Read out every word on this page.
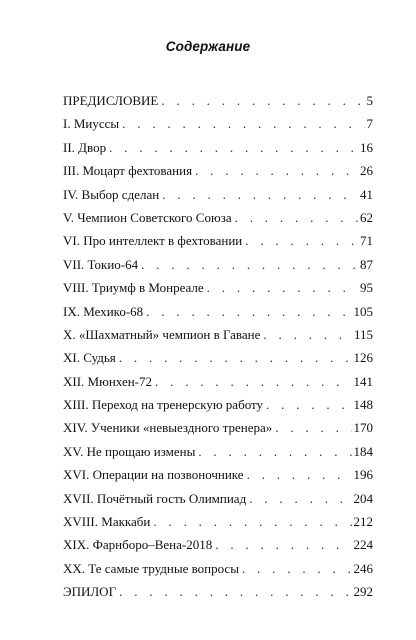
Содержание
ПРЕДИСЛОВИЕ . . .	5
I. Миуссы . . .	7
II. Двор . . .	16
III. Моцарт фехтования . . .	26
IV. Выбор сделан . . .	41
V. Чемпион Советского Союза . . .	62
VI. Про интеллект в фехтовании . . .	71
VII. Токио-64 . . .	87
VIII. Триумф в Монреале . . .	95
IX. Мехико-68 . . .	105
X. «Шахматный» чемпион в Гаване . . .	115
XI. Судья . . .	126
XII. Мюнхен-72 . . .	141
XIII. Переход на тренерскую работу . . .	148
XIV. Ученики «невыездного тренера» . . .	170
XV. Не прощаю измены . . .	184
XVI. Операции на позвоночнике . . .	196
XVII. Почётный гость Олимпиад . . .	204
XVIII. Маккаби . . .	212
XIX. Фарнборо–Вена-2018 . . .	224
XX. Те самые трудные вопросы . . .	246
ЭПИЛОГ . . .	292
